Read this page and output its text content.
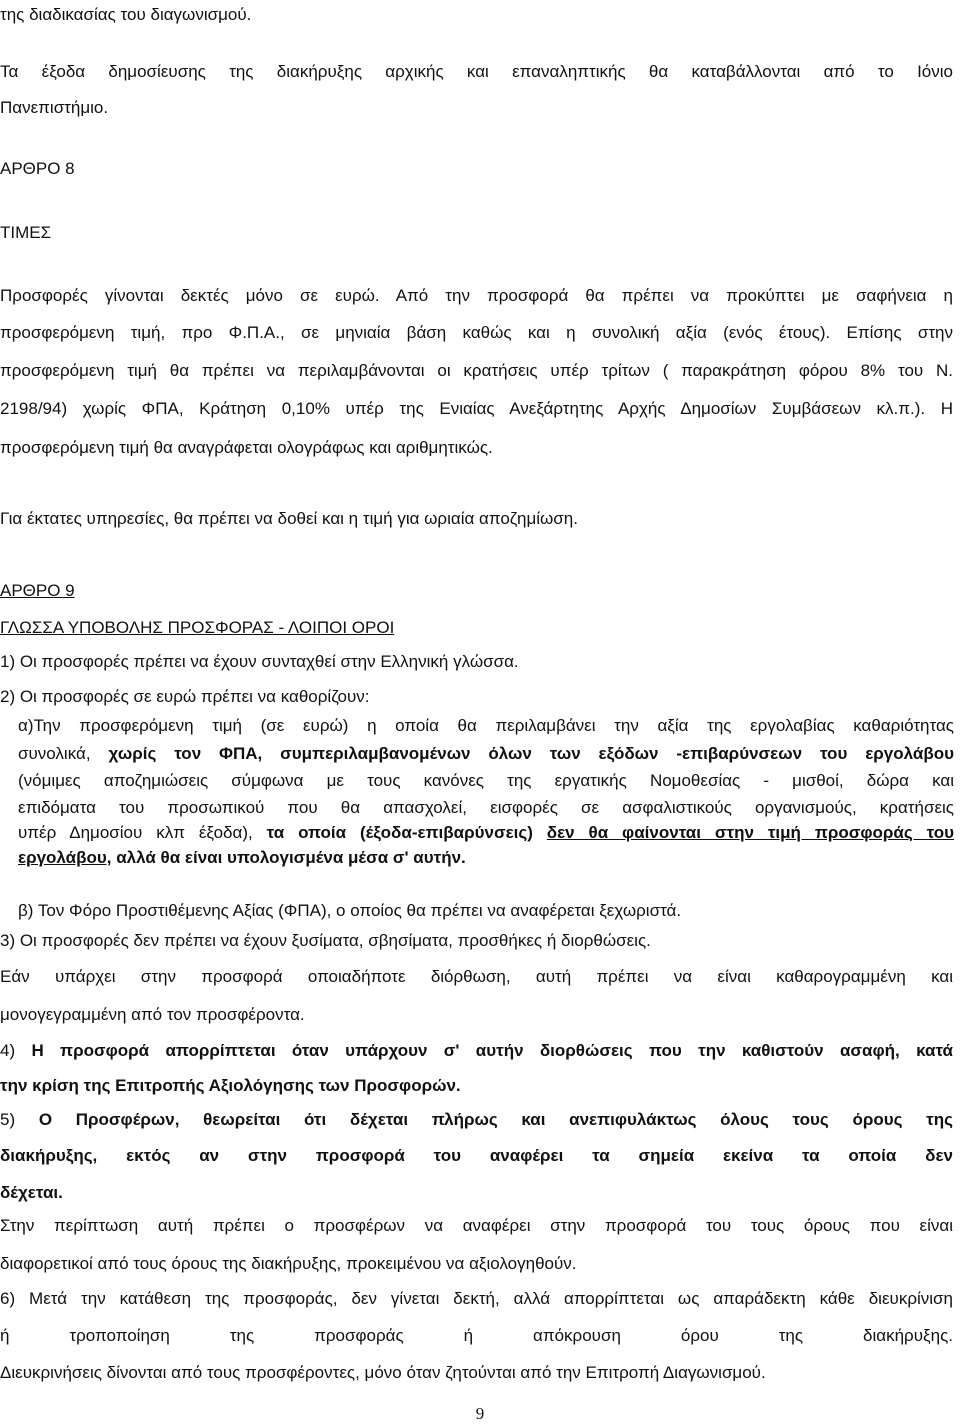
της διαδικασίας του διαγωνισμού.
Τα έξοδα δημοσίευσης της διακήρυξης αρχικής και επαναληπτικής θα καταβάλλονται από το Ιόνιο
Πανεπιστήμιο.
ΑΡΘΡΟ 8
ΤΙΜΕΣ
Προσφορές γίνονται δεκτές μόνο σε ευρώ. Από την προσφορά θα πρέπει να προκύπτει με σαφήνεια η
προσφερόμενη τιμή, προ Φ.Π.Α., σε μηνιαία βάση καθώς και η συνολική αξία (ενός έτους). Επίσης στην
προσφερόμενη τιμή θα πρέπει να περιλαμβάνονται οι κρατήσεις υπέρ τρίτων ( παρακράτηση φόρου 8% του Ν.
2198/94) χωρίς ΦΠΑ, Κράτηση 0,10% υπέρ της Ενιαίας Ανεξάρτητης Αρχής Δημοσίων Συμβάσεων κλ.π.). Η
προσφερόμενη τιμή θα αναγράφεται ολογράφως και αριθμητικώς.
Για έκτατες υπηρεσίες, θα πρέπει να δοθεί και η τιμή για ωριαία αποζημίωση.
ΑΡΘΡΟ 9
ΓΛΩΣΣΑ ΥΠΟΒΟΛΗΣ ΠΡΟΣΦΟΡΑΣ - ΛΟΙΠΟΙ ΟΡΟΙ
1) Οι προσφορές πρέπει να έχουν συνταχθεί στην Ελληνική γλώσσα.
2) Οι προσφορές σε ευρώ πρέπει να καθορίζουν:
α)Την προσφερόμενη τιμή (σε ευρώ) η οποία θα περιλαμβάνει την αξία της εργολαβίας καθαριότητας
συνολικά, χωρίς τον ΦΠΑ, συμπεριλαμβανομένων όλων των εξόδων -επιβαρύνσεων του εργολάβου
(νόμιμες αποζημιώσεις σύμφωνα με τους κανόνες της εργατικής Νομοθεσίας - μισθοί, δώρα και
επιδόματα του προσωπικού που θα απασχολεί, εισφορές σε ασφαλιστικούς οργανισμούς, κρατήσεις
υπέρ Δημοσίου κλπ έξοδα), τα οποία (έξοδα-επιβαρύνσεις) δεν θα φαίνονται στην τιμή προσφοράς του
εργολάβου, αλλά θα είναι υπολογισμένα μέσα σ' αυτήν.
β) Τον Φόρο Προστιθέμενης Αξίας (ΦΠΑ), ο οποίος θα πρέπει να αναφέρεται ξεχωριστά.
3) Οι προσφορές δεν πρέπει να έχουν ξυσίματα, σβησίματα, προσθήκες ή διορθώσεις.
Εάν υπάρχει στην προσφορά οποιαδήποτε διόρθωση, αυτή πρέπει να είναι καθαρογραμμένη και
μονογεγραμμένη από τον προσφέροντα.
4) Η προσφορά απορρίπτεται όταν υπάρχουν σ' αυτήν διορθώσεις που την καθιστούν ασαφή, κατά
την κρίση της Επιτροπής Αξιολόγησης των Προσφορών.
5) Ο Προσφέρων, θεωρείται ότι δέχεται πλήρως και ανεπιφυλάκτως όλους τους όρους της
διακήρυξης, εκτός αν στην προσφορά του αναφέρει τα σημεία εκείνα τα οποία δεν
δέχεται.
Στην περίπτωση αυτή πρέπει ο προσφέρων να αναφέρει στην προσφορά του τους όρους που είναι
διαφορετικοί από τους όρους της διακήρυξης, προκειμένου να αξιολογηθούν.
6) Μετά την κατάθεση της προσφοράς, δεν γίνεται δεκτή, αλλά απορρίπτεται ως απαράδεκτη κάθε διευκρίνιση
ή τροποποίηση της προσφοράς ή απόκρουση όρου της διακήρυξης.
Διευκρινήσεις δίνονται από τους προσφέροντες, μόνο όταν ζητούνται από την Επιτροπή Διαγωνισμού.
9
